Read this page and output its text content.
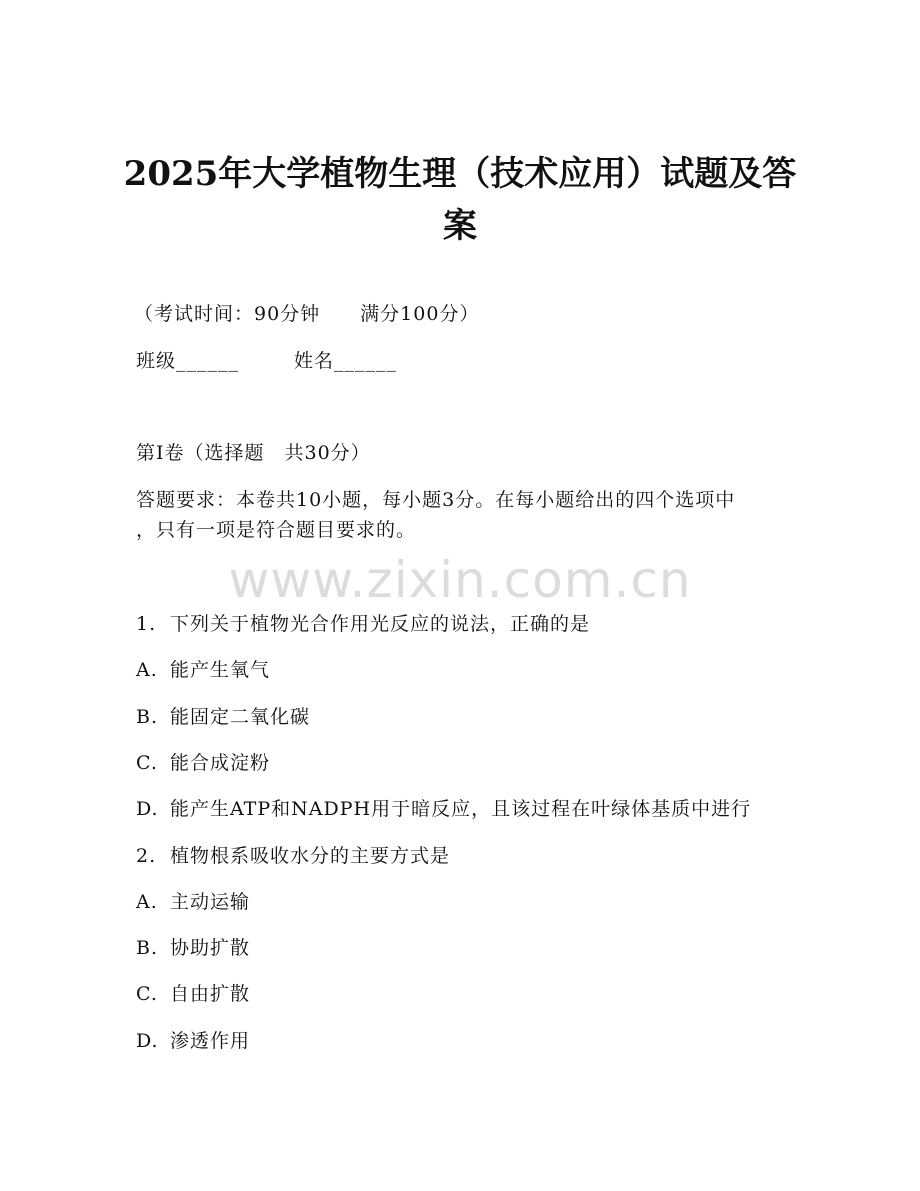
2025年大学植物生理（技术应用）试题及答案
（考试时间：90分钟　　满分100分）
班级______	姓名______
第I卷（选择题　共30分）
答题要求：本卷共10小题，每小题3分。在每小题给出的四个选项中
，只有一项是符合题目要求的。
www.zixin.com.cn
1. 下列关于植物光合作用光反应的说法，正确的是
A. 能产生氧气
B. 能固定二氧化碳
C. 能合成淀粉
D. 能产生ATP和NADPH用于暗反应，且该过程在叶绿体基质中进行
2. 植物根系吸收水分的主要方式是
A. 主动运输
B. 协助扩散
C. 自由扩散
D. 渗透作用
